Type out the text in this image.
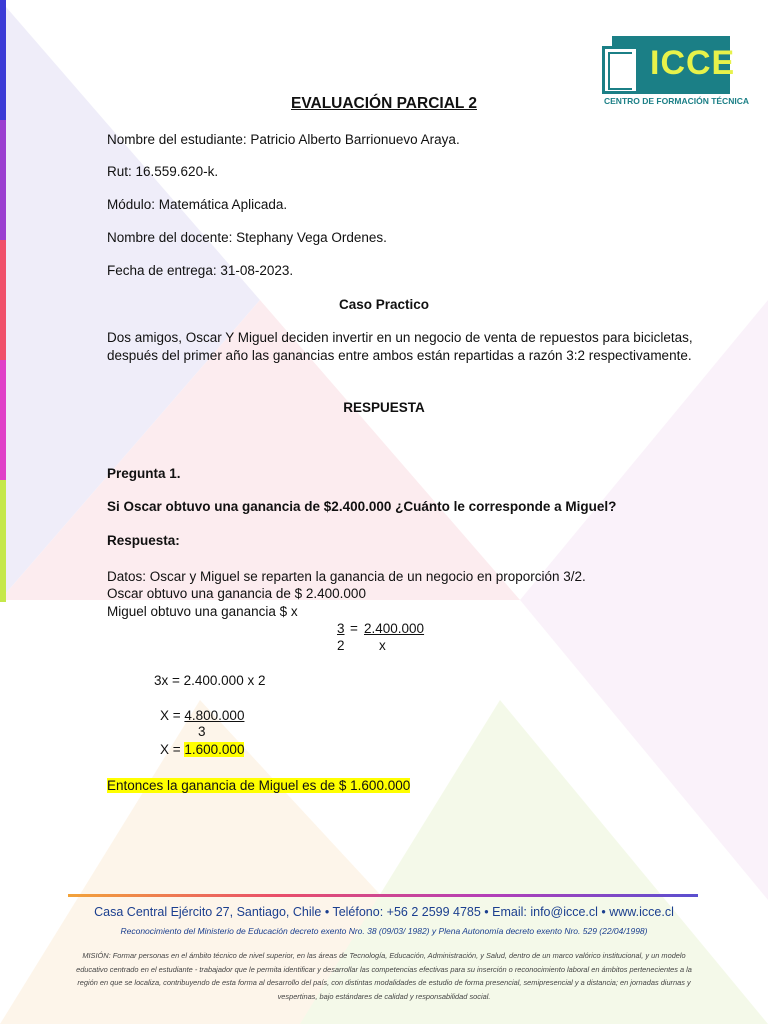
ICCE
CENTRO DE FORMACIÓN TÉCNICA
EVALUACIÓN PARCIAL 2
Nombre del estudiante: Patricio Alberto Barrionuevo Araya.
Rut: 16.559.620-k.
Módulo: Matemática Aplicada.
Nombre del docente: Stephany Vega Ordenes.
Fecha de entrega: 31-08-2023.
Caso Practico
Dos amigos, Oscar Y Miguel deciden invertir en un negocio de venta de repuestos para bicicletas,
después del primer año las ganancias entre ambos están repartidas a razón 3:2 respectivamente.
RESPUESTA
Pregunta 1.
Si Oscar obtuvo una ganancia de $2.400.000 ¿Cuánto le corresponde a Miguel?
Respuesta:
Datos: Oscar y Miguel se reparten la ganancia de un negocio en proporción 3/2.
Oscar obtuvo una ganancia de $ 2.400.000
Miguel obtuvo una ganancia $ x
3 = 2.400.000
2	x
3x = 2.400.000 x 2
X = 4.800.000
3
X = 1.600.000
Entonces la ganancia de Miguel es de $ 1.600.000
Casa Central Ejército 27, Santiago, Chile • Teléfono: +56 2 2599 4785 • Email: info@icce.cl • www.icce.cl
Reconocimiento del Ministerio de Educación decreto exento Nro. 38 (09/03/ 1982) y Plena Autonomía decreto exento Nro. 529 (22/04/1998)
MISIÓN: Formar personas en el ámbito técnico de nivel superior, en las áreas de Tecnología, Educación, Administración, y Salud, dentro de un marco valórico institucional, y un modelo educativo centrado en el estudiante - trabajador que le permita identificar y desarrollar las competencias efectivas para su inserción o reconocimiento laboral en ámbitos pertenecientes a la región en que se localiza, contribuyendo de esta forma al desarrollo del país, con distintas modalidades de estudio de forma presencial, semipresencial y a distancia; en jornadas diurnas y vespertinas, bajo estándares de calidad y responsabilidad social.
